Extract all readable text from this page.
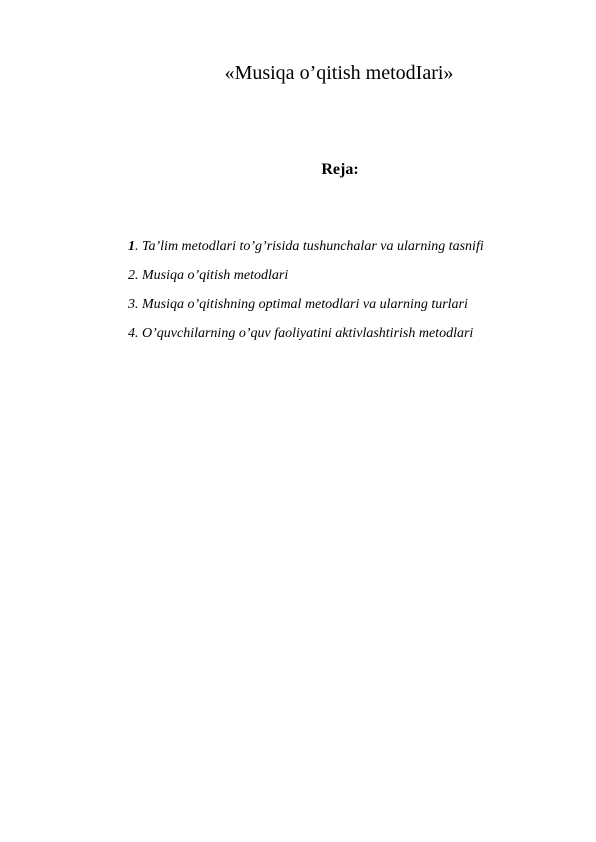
«Musiqa o’qitish metodIari»
Reja:
1. Ta’lim metodlari to’g’risida tushunchalar va ularning tasnifi
2. Musiqa o’qitish metodlari
3. Musiqa o’qitishning optimal metodlari va ularning turlari
4. O’quvchilarning o’quv faoliyatini aktivlashtirish metodlari
